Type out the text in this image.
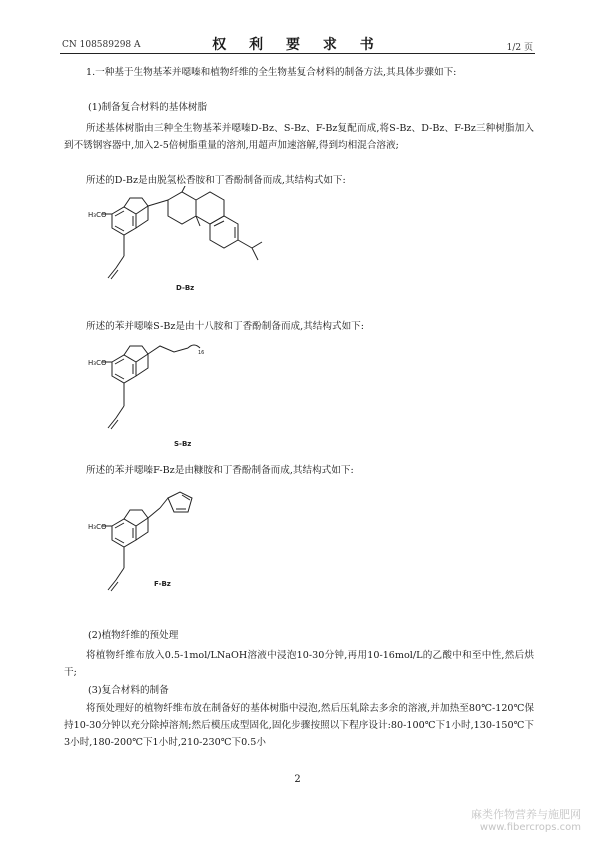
CN 108589298 A	权 利 要 求 书	1/2 页

1.一种基于生物基苯并噁嗪和植物纤维的全生物基复合材料的制备方法,其具体步骤如下:

(1)制备复合材料的基体树脂

所述基体树脂由三种全生物基苯并噁嗪D-Bz、S-Bz、F-Bz复配而成,将S-Bz、D-Bz、F-Bz三种树脂加入到不锈钢容器中,加入2-5倍树脂重量的溶剂,用超声加速溶解,得到均相混合溶液;

所述的D-Bz是由脱氢松香胺和丁香酚制备而成,其结构式如下:

H₃CO
D-Bz

所述的苯并噁嗪S-Bz是由十八胺和丁香酚制备而成,其结构式如下:

H₃CO
16
S-Bz

所述的苯并噁嗪F-Bz是由糠胺和丁香酚制备而成,其结构式如下:

H₃CO
F-Bz

(2)植物纤维的预处理

将植物纤维布放入0.5-1mol/LNaOH溶液中浸泡10-30分钟,再用10-16mol/L的乙酸中和至中性,然后烘干;

(3)复合材料的制备

将预处理好的植物纤维布放在制备好的基体树脂中浸泡,然后压轧除去多余的溶液,并加热至80℃-120℃保持10-30分钟以充分除掉溶剂;然后模压成型固化,固化步骤按照以下程序设计:80-100℃下1小时,130-150℃下3小时,180-200℃下1小时,210-230℃下0.5小

2
麻类作物营养与施肥网
www.fibercrops.com
